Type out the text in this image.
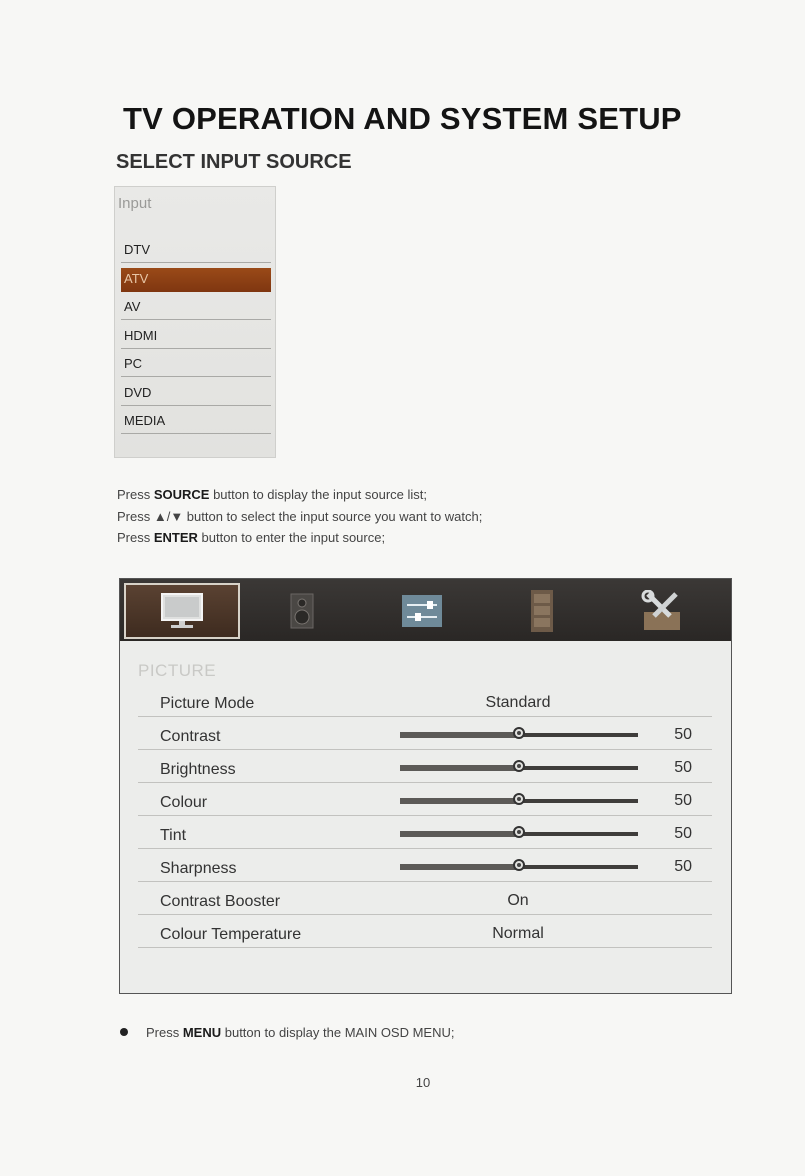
TV OPERATION AND SYSTEM SETUP
SELECT INPUT SOURCE
Input
DTV
ATV
AV
HDMI
PC
DVD
MEDIA
Press SOURCE button to display the input source list;
Press ▲/▼ button to select the input source you want to watch;
Press ENTER button to enter the input source;
PICTURE
Picture Mode	Standard
Contrast	50
Brightness	50
Colour	50
Tint	50
Sharpness	50
Contrast Booster	On
Colour Temperature	Normal
Press MENU button to display the MAIN OSD MENU;
10
